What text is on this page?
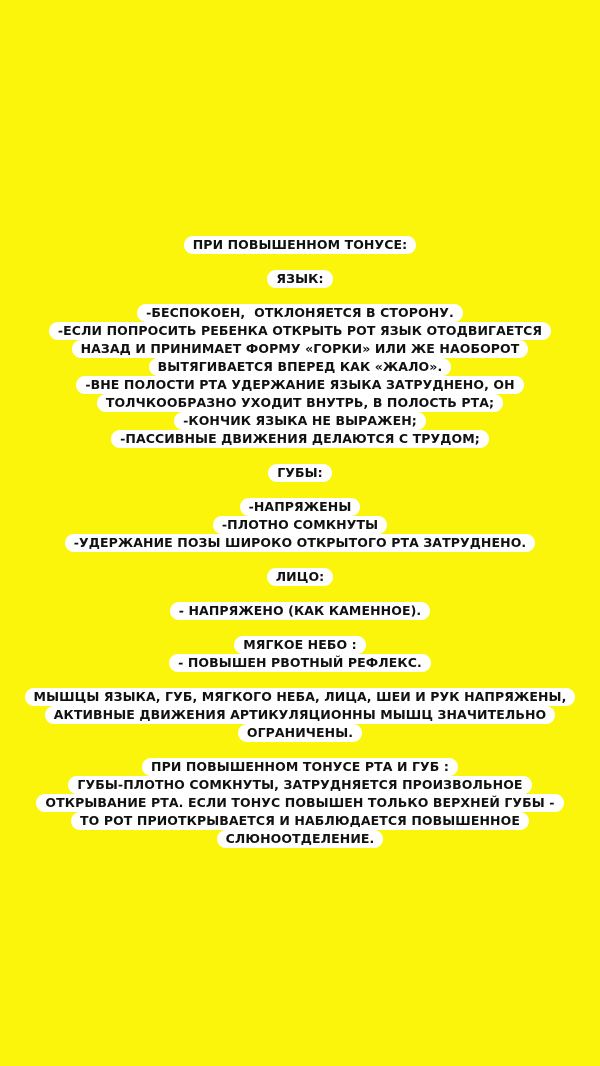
ПРИ ПОВЫШЕННОМ ТОНУСЕ:
ЯЗЫК:
-БЕСПОКОЕН,  ОТКЛОНЯЕТСЯ В СТОРОНУ.
-ЕСЛИ ПОПРОСИТЬ РЕБЕНКА ОТКРЫТЬ РОТ ЯЗЫК ОТОДВИГАЕТСЯ
НАЗАД И ПРИНИМАЕТ ФОРМУ «ГОРКИ» ИЛИ ЖЕ НАОБОРОТ
ВЫТЯГИВАЕТСЯ ВПЕРЕД КАК «ЖАЛО».
-ВНЕ ПОЛОСТИ РТА УДЕРЖАНИЕ ЯЗЫКА ЗАТРУДНЕНО, ОН
ТОЛЧКООБРАЗНО УХОДИТ ВНУТРЬ, В ПОЛОСТЬ РТА;
-КОНЧИК ЯЗЫКА НЕ ВЫРАЖЕН;
-ПАССИВНЫЕ ДВИЖЕНИЯ ДЕЛАЮТСЯ С ТРУДОМ;
ГУБЫ:
-НАПРЯЖЕНЫ
-ПЛОТНО СОМКНУТЫ
-УДЕРЖАНИЕ ПОЗЫ ШИРОКО ОТКРЫТОГО РТА ЗАТРУДНЕНО.
ЛИЦО:
- НАПРЯЖЕНО (КАК КАМЕННОЕ).
МЯГКОЕ НЕБО :
- ПОВЫШЕН РВОТНЫЙ РЕФЛЕКС.
МЫШЦЫ ЯЗЫКА, ГУБ, МЯГКОГО НЕБА, ЛИЦА, ШЕИ И РУК НАПРЯЖЕНЫ,
АКТИВНЫЕ ДВИЖЕНИЯ АРТИКУЛЯЦИОННЫ МЫШЦ ЗНАЧИТЕЛЬНО
ОГРАНИЧЕНЫ.
ПРИ ПОВЫШЕННОМ ТОНУСЕ РТА И ГУБ :
ГУБЫ-ПЛОТНО СОМКНУТЫ, ЗАТРУДНЯЕТСЯ ПРОИЗВОЛЬНОЕ
ОТКРЫВАНИЕ РТА. ЕСЛИ ТОНУС ПОВЫШЕН ТОЛЬКО ВЕРХНЕЙ ГУБЫ -
ТО РОТ ПРИОТКРЫВАЕТСЯ И НАБЛЮДАЕТСЯ ПОВЫШЕННОЕ
СЛЮНООТДЕЛЕНИЕ.
